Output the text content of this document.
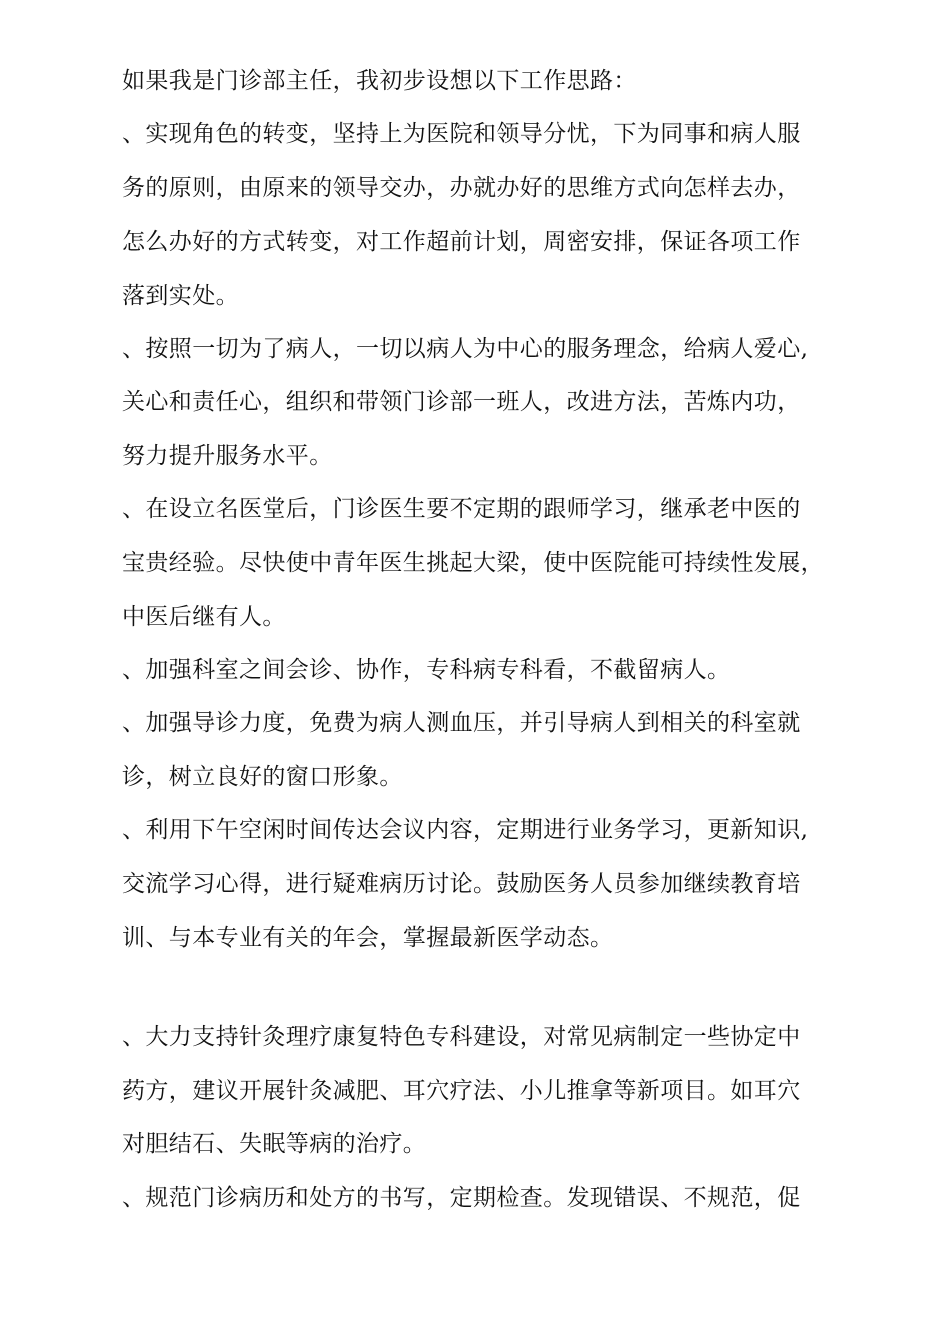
如果我是门诊部主任，我初步设想以下工作思路：
、实现角色的转变，坚持上为医院和领导分忧，下为同事和病人服
务的原则，由原来的领导交办，办就办好的思维方式向怎样去办，
怎么办好的方式转变，对工作超前计划，周密安排，保证各项工作
落到实处。
、按照一切为了病人，一切以病人为中心的服务理念，给病人爱心,
关心和责任心，组织和带领门诊部一班人，改进方法，苦炼内功，
努力提升服务水平。
、在设立名医堂后，门诊医生要不定期的跟师学习，继承老中医的
宝贵经验。尽快使中青年医生挑起大梁，使中医院能可持续性发展，
中医后继有人。
、加强科室之间会诊、协作，专科病专科看，不截留病人。
、加强导诊力度，免费为病人测血压，并引导病人到相关的科室就
诊，树立良好的窗口形象。
、利用下午空闲时间传达会议内容，定期进行业务学习，更新知识,
交流学习心得，进行疑难病历讨论。鼓励医务人员参加继续教育培
训、与本专业有关的年会，掌握最新医学动态。
、大力支持针灸理疗康复特色专科建设，对常见病制定一些协定中
药方，建议开展针灸减肥、耳穴疗法、小儿推拿等新项目。如耳穴
对胆结石、失眠等病的治疗。
、规范门诊病历和处方的书写，定期检查。发现错误、不规范，促
